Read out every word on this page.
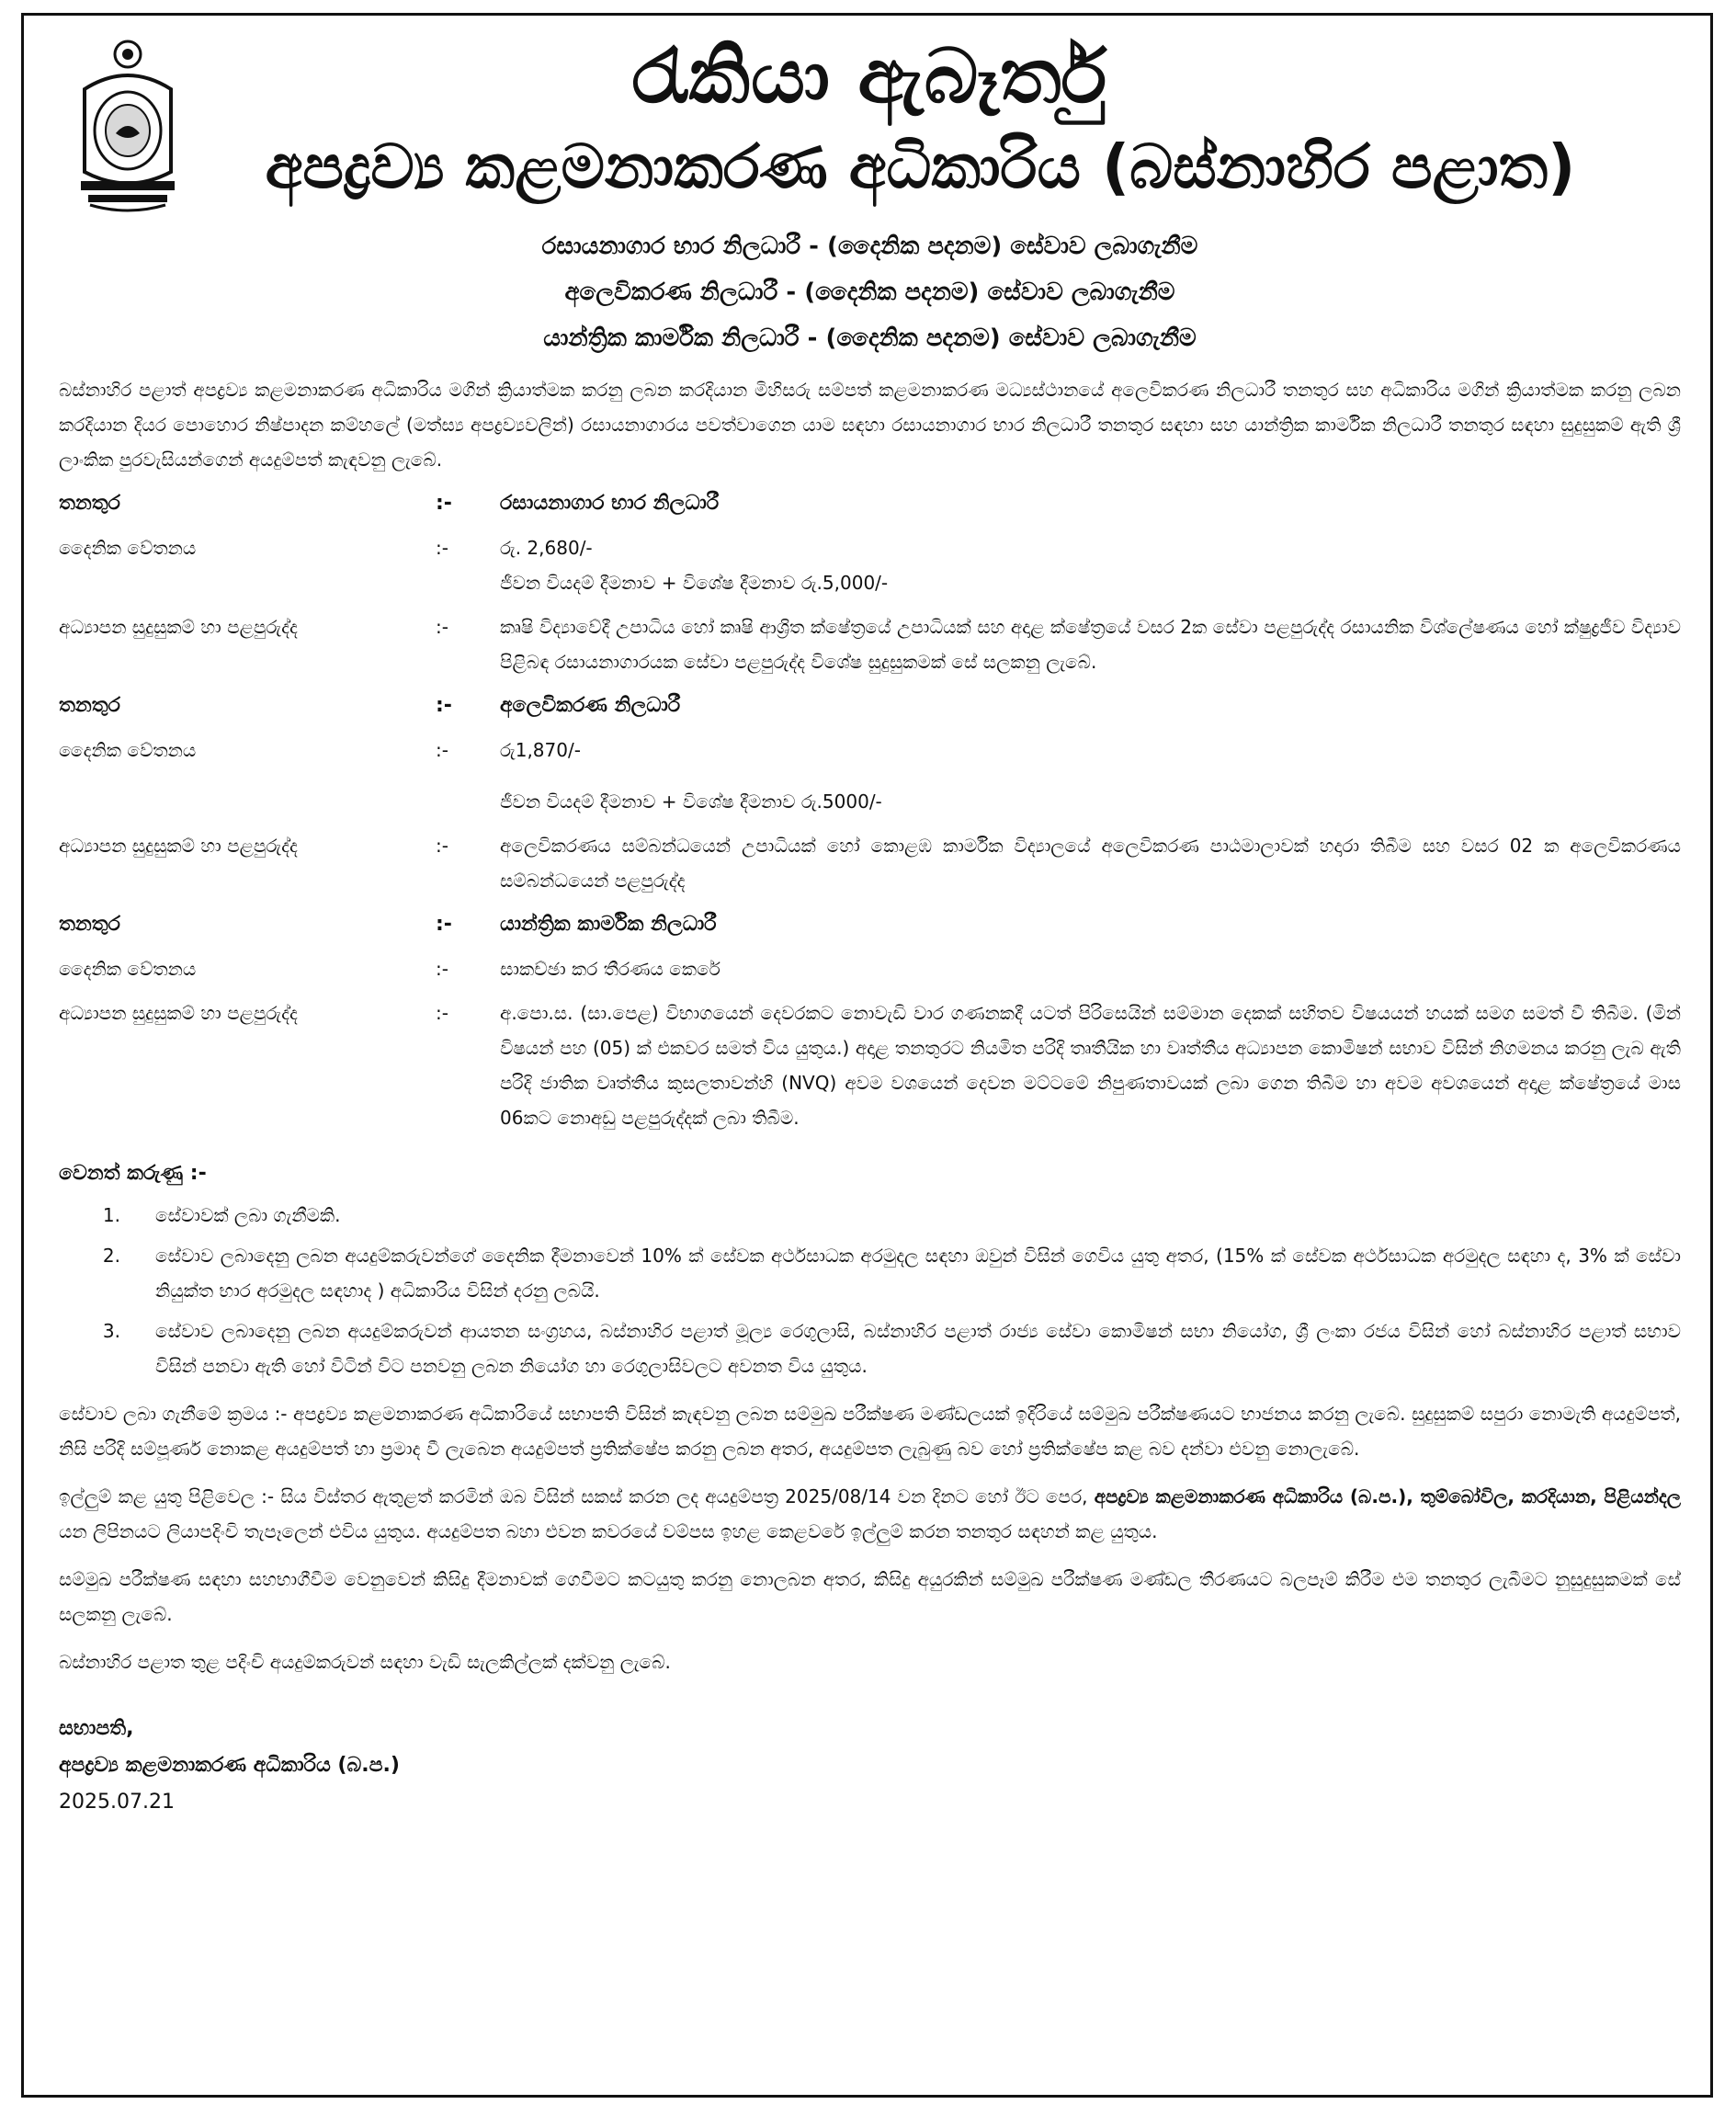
රැකියා ඇබෑර්තු
අපද්‍රව්‍ය කළමනාකරණ අධිකාරිය (බස්නාහිර පළාත)
රසායනාගාර භාර නිලධාරී - (දෛනික පදනම) සේවාව ලබාගැනීම
අලෙවිකරණ නිලධාරී - (දෛනික පදනම) සේවාව ලබාගැනීම
යාන්ත්‍රික කාර්මික නිලධාරී - (දෛනික පදනම) සේවාව ලබාගැනීම

බස්නාහිර පළාත් අපද්‍රව්‍ය කළමනාකරණ අධිකාරිය මගින් ක්‍රියාත්මක කරනු ලබන කරදියාන මිහිසරු සම්පත් කළමනාකරණ මධ්‍යස්ථානයේ අලෙවිකරණ නිලධාරී තනතුර සහ අධිකාරිය මගින් ක්‍රියාත්මක කරනු ලබන කරදියාන දියර පොහොර නිෂ්පාදන කම්හලේ (මත්ස්‍ය අපද්‍රව්‍යවලින්) රසායනාගාරය පවත්වාගෙන යාම සඳහා රසායනාගාර භාර නිලධාරී තනතුර සඳහා සහ යාන්ත්‍රික කාර්මික නිලධාරී තනතුර සඳහා සුදුසුකම් ඇති ශ්‍රී ලාංකික පුරවැසියන්ගෙන් අයදුම්පත් කැඳවනු ලැබේ.

තනතුර	:-	රසායනාගාර භාර නිලධාරී
දෛනික වේතනය	:-	රු. 2,680/-
ජීවන වියදම් දීමනාව + විශේෂ දීමනාව රු.5,000/-
අධ්‍යාපන සුදුසුකම් හා පළපුරුද්ද	:-	කෘෂි විද්‍යාවේදී උපාධිය හෝ කෘෂි ආශ්‍රිත ක්ෂේත්‍රයේ උපාධියක් සහ අදාළ ක්ෂේත්‍රයේ වසර 2ක සේවා පළපුරුද්ද රසායනික විශ්ලේෂණය හෝ ක්ෂුද්‍රජීව විද්‍යාව පිළිබඳ රසායනාගාරයක සේවා පළපුරුද්ද විශේෂ සුදුසුකමක් සේ සලකනු ලැබේ.
තනතුර	:-	අලෙවිකරණ නිලධාරී
දෛනික වේතනය	:-	රු1,870/-
ජීවන වියදම් දීමනාව + විශේෂ දීමනාව රු.5000/-
අධ්‍යාපන සුදුසුකම් හා පළපුරුද්ද	:-	අලෙවිකරණය සම්බන්ධයෙන් උපාධියක් හෝ කොළඹ කාර්මික විද්‍යාලයේ අලෙවිකරණ පාඨමාලාවක් හදාරා තිබීම සහ වසර 02 ක අලෙවිකරණය සම්බන්ධයෙන් පළපුරුද්ද
තනතුර	:-	යාන්ත්‍රික කාර්මික නිලධාරී
දෛනික වේතනය	:-	සාකච්ඡා කර තීරණය කෙරේ
අධ්‍යාපන සුදුසුකම් හා පළපුරුද්ද	:-	අ.පො.ස. (සා.පෙළ) විභාගයෙන් දෙවරකට නොවැඩි වාර ගණනකදී යටත් පිරිසෙයින් සම්මාන දෙකක් සහිතව විෂයයන් හයක් සමග සමත් වී තිබීම. (මින් විෂයන් පහ (05) ක් එකවර සමත් විය යුතුය.) අදාළ තනතුරට නියමිත පරිදි තෘතීයික හා වෘත්තීය අධ්‍යාපන කොමිෂන් සභාව විසින් නිගමනය කරනු ලැබ ඇති පරිදි ජාතික වෘත්තීය කුසලතාවන්හි (NVQ) අවම වශයෙන් දෙවන මට්ටමේ නිපුණතාවයක් ලබා ගෙන තිබීම හා අවම අවශයෙන් අදාළ ක්ෂේත්‍රයේ මාස 06කට නොඅඩු පළපුරුද්දක් ලබා තිබීම.
වෙනත් කරුණු :-
1.	සේවාවක් ලබා ගැනීමකි.
2.	සේවාව ලබාදෙනු ලබන අයදුම්කරුවන්ගේ දෛනික දීමනාවෙන් 10% ක් සේවක අර්ථසාධක අරමුදල සඳහා ඔවුන් විසින් ගෙවිය යුතු අතර, (15% ක් සේවක අර්ථසාධක අරමුදල සඳහා ද, 3% ක් සේවා නියුක්ත භාර අරමුදල සඳහාද ) අධිකාරිය විසින් දරනු ලබයි.
3.	සේවාව ලබාදෙනු ලබන අයදුම්කරුවන් ආයතන සංග්‍රහය, බස්නාහිර පළාත් මූල්‍ය රෙගුලාසි, බස්නාහිර පළාත් රාජ්‍ය සේවා කොමිෂන් සභා නියෝග, ශ්‍රී ලංකා රජය විසින් හෝ බස්නාහිර පළාත් සභාව විසින් පනවා ඇති හෝ විටින් විට පනවනු ලබන නියෝග හා රෙගුලාසිවලට අවනත විය යුතුය.

සේවාව ලබා ගැනීමේ ක්‍රමය :- අපද්‍රව්‍ය කළමනාකරණ අධිකාරියේ සභාපති විසින් කැඳවනු ලබන සම්මුඛ පරීක්ෂණ මණ්ඩලයක් ඉදිරියේ සම්මුඛ පරීක්ෂණයට භාජනය කරනු ලැබේ. සුදුසුකම් සපුරා නොමැති අයදුම්පත්, නිසි පරිදි සම්පූර්ණ නොකළ අයදුම්පත් හා ප්‍රමාද වී ලැබෙන අයදුම්පත් ප්‍රතික්ෂේප කරනු ලබන අතර, අයදුම්පත ලැබුණු බව හෝ ප්‍රතික්ෂේප කළ බව දන්වා එවනු නොලැබේ.

ඉල්ලුම් කළ යුතු පිළිවෙල :- සිය විස්තර ඇතුළත් කරමින් ඔබ විසින් සකස් කරන ලද අයදුම්පත්‍ර 2025/08/14 වන දිනට හෝ ඊට පෙර, අපද්‍රව්‍ය කළමනාකරණ අධිකාරිය (බ.ප.), තුම්බෝවිල, කරදියාන, පිළියන්දල යන ලිපිනයට ලියාපදිංචි තැපෑලෙන් එවිය යුතුය. අයදුම්පත බහා එවන කවරයේ වම්පස ඉහළ කෙළවරේ ඉල්ලුම් කරන තනතුර සඳහන් කළ යුතුය.

සම්මුඛ පරීක්ෂණ සඳහා සහභාගීවීම වෙනුවෙන් කිසිදු දීමනාවක් ගෙවීමට කටයුතු කරනු නොලබන අතර, කිසිදු අයුරකින් සම්මුඛ පරීක්ෂණ මණ්ඩල තීරණයට බලපෑම් කිරීම එම තනතුර ලැබීමට නුසුදුසුකමක් සේ සලකනු ලැබේ.

බස්නාහිර පළාත තුළ පදිංචි අයදුම්කරුවන් සඳහා වැඩි සැලකිල්ලක් දක්වනු ලැබේ.

සභාපති,
අපද්‍රව්‍ය කළමනාකරණ අධිකාරිය (බ.ප.)
2025.07.21
